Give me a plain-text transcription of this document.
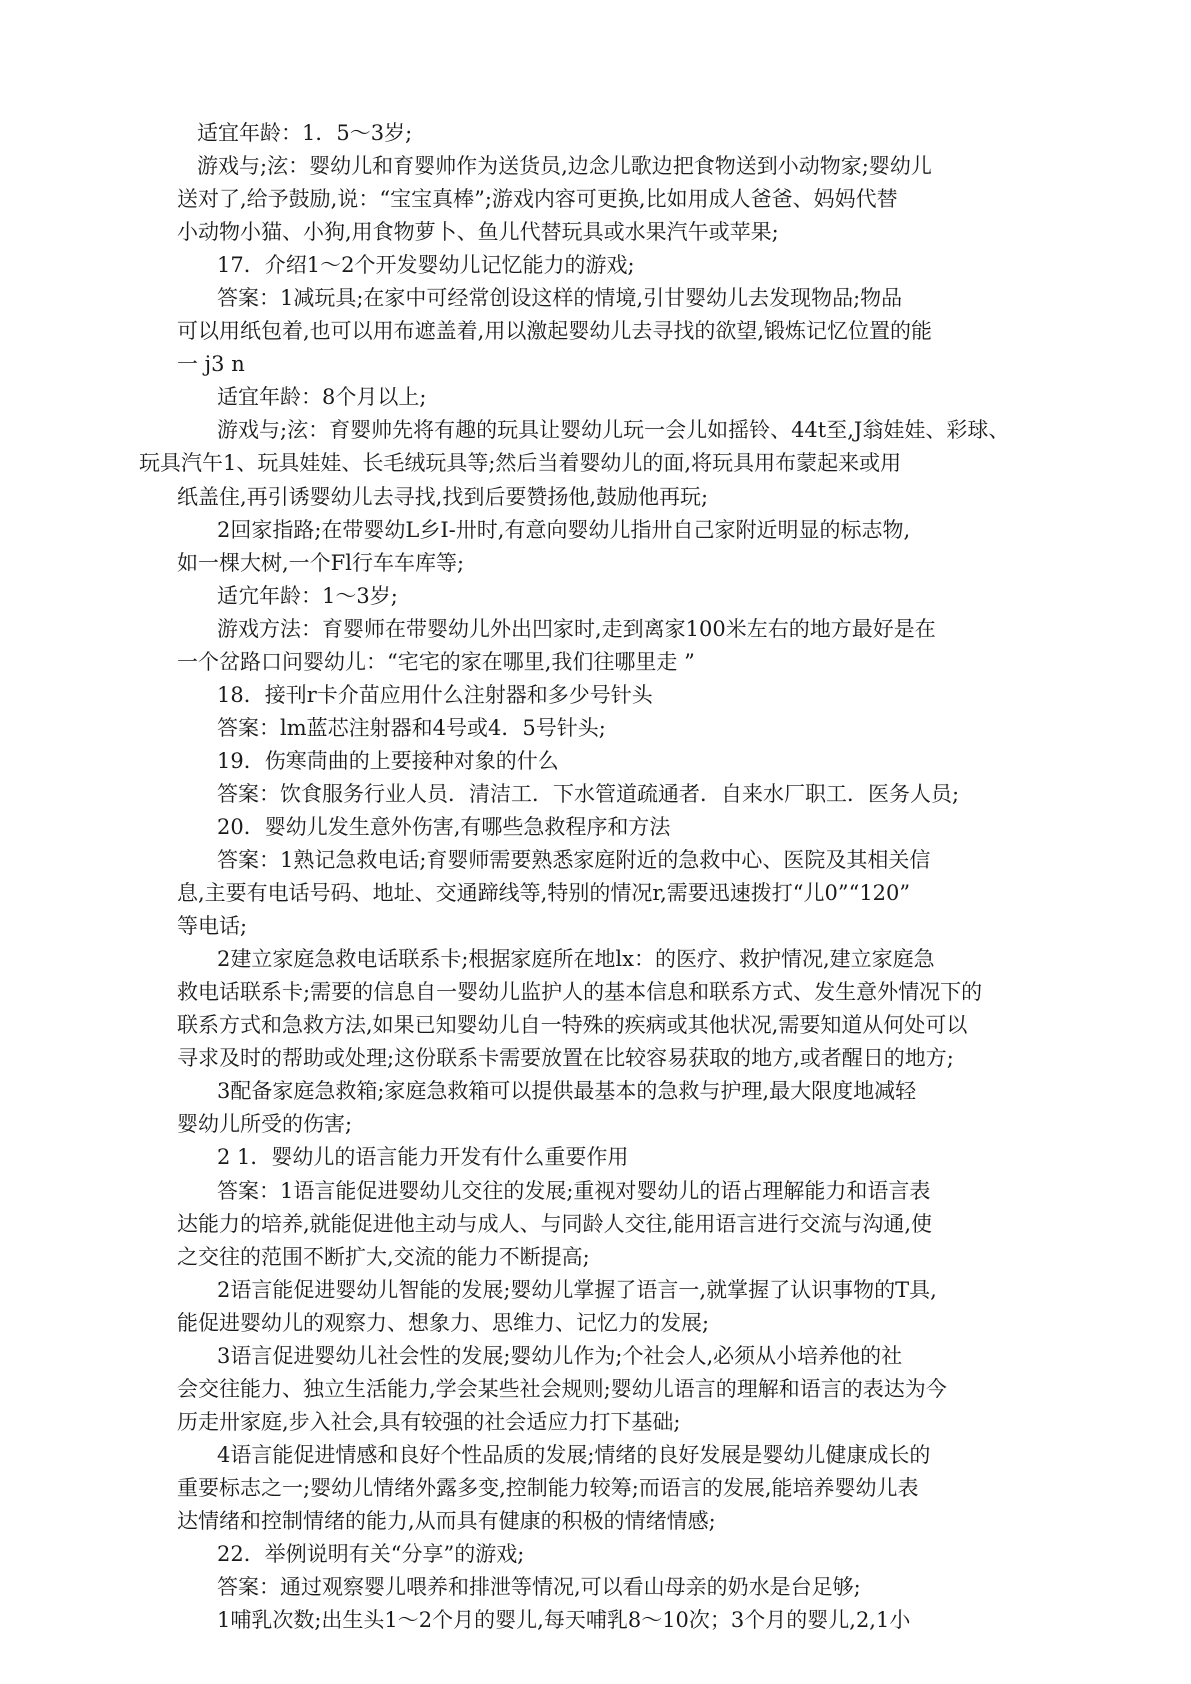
适宜年龄：1．5～3岁;
游戏与;泫：婴幼儿和育婴帅作为送货员,边念儿歌边把食物送到小动物家;婴幼儿
送对了,给予鼓励,说：“宝宝真棒”;游戏内容可更换,比如用成人爸爸、妈妈代替
小动物小猫、小狗,用食物萝卜、鱼儿代替玩具或水果汽午或苹果;
17．介绍1～2个开发婴幼儿记忆能力的游戏;
答案：1减玩具;在家中可经常创设这样的情境,引甘婴幼儿去发现物品;物品
可以用纸包着,也可以用布遮盖着,用以激起婴幼儿去寻找的欲望,锻炼记忆位置的能
一 j3 n
适宜年龄：8个月以上;
游戏与;泫：育婴帅先将有趣的玩具让婴幼儿玩一会儿如摇铃、44t至,J翁娃娃、彩球、
玩具汽午1、玩具娃娃、长毛绒玩具等;然后当着婴幼儿的面,将玩具用布蒙起来或用
纸盖住,再引诱婴幼儿去寻找,找到后要赞扬他,鼓励他再玩;
2回家指路;在带婴幼L乡I-卅时,有意向婴幼儿指卅自己家附近明显的标志物,
如一棵大树,一个Fl行车车库等;
适宂年龄：1～3岁;
游戏方法：育婴师在带婴幼儿外出凹家时,走到离家100米左右的地方最好是在
一个岔路口问婴幼儿：“宅宅的家在哪里,我们往哪里走 ”
18．接刊r卡介苗应用什么注射器和多少号针头
答案：lm蓝芯注射器和4号或4．5号针头;
19．伤寒茼曲的上要接种对象的什么
答案：饮食服务行业人员．清洁工．下水管道疏通者．自来水厂职工．医务人员;
20．婴幼儿发生意外伤害,有哪些急救程序和方法
答案：1熟记急救电话;育婴师需要熟悉家庭附近的急救中心、医院及其相关信
息,主要有电话号码、地址、交通蹄线等,特别的情况r,需要迅速拨打“儿0”“120”
等电话;
2建立家庭急救电话联系卡;根据家庭所在地lx：的医疗、救护情况,建立家庭急
救电话联系卡;需要的信息自一婴幼儿监护人的基本信息和联系方式、发生意外情况下的
联系方式和急救方法,如果已知婴幼儿自一特殊的疾病或其他状况,需要知道从何处可以
寻求及时的帮助或处理;这份联系卡需要放置在比较容易获取的地方,或者醒日的地方;
3配备家庭急救箱;家庭急救箱可以提供最基本的急救与护理,最大限度地减轻
婴幼儿所受的伤害;
2 1．婴幼儿的语言能力开发有什么重要作用
答案：1语言能促进婴幼儿交往的发展;重视对婴幼儿的语占理解能力和语言表
达能力的培养,就能促进他主动与成人、与同龄人交往,能用语言进行交流与沟通,使
之交往的范围不断扩大,交流的能力不断提高;
2语言能促进婴幼儿智能的发展;婴幼儿掌握了语言一,就掌握了认识事物的T具,
能促进婴幼儿的观察力、想象力、思维力、记忆力的发展;
3语言促进婴幼儿社会性的发展;婴幼儿作为;个社会人,必须从小培养他的社
会交往能力、独立生活能力,学会某些社会规则;婴幼儿语言的理解和语言的表达为今
历走卅家庭,步入社会,具有较强的社会适应力打下基础;
4语言能促进情感和良好个性品质的发展;情绪的良好发展是婴幼儿健康成长的
重要标志之一;婴幼儿情绪外露多变,控制能力较筹;而语言的发展,能培养婴幼儿表
达情绪和控制情绪的能力,从而具有健康的积极的情绪情感;
22．举例说明有关“分享”的游戏;
答案：通过观察婴儿喂养和排泄等情况,可以看山母亲的奶水是台足够;
1哺乳次数;出生头1～2个月的婴儿,每天哺乳8～10次；3个月的婴儿,2,1小
